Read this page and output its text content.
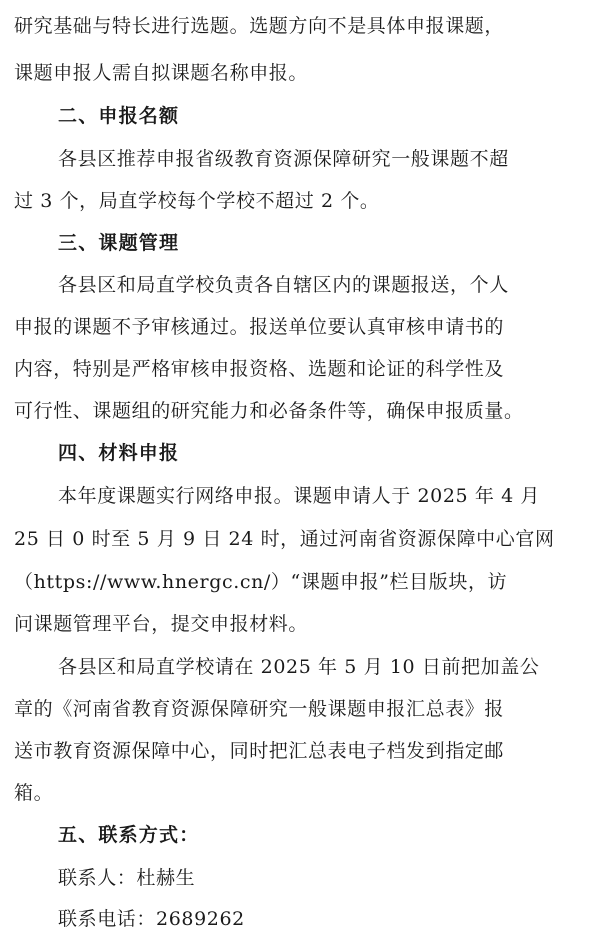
研究基础与特长进行选题。选题方向不是具体申报课题，
课题申报人需自拟课题名称申报。
二、申报名额
各县区推荐申报省级教育资源保障研究一般课题不超
过 3 个，局直学校每个学校不超过 2 个。
三、课题管理
各县区和局直学校负责各自辖区内的课题报送，个人
申报的课题不予审核通过。报送单位要认真审核申请书的
内容，特别是严格审核申报资格、选题和论证的科学性及
可行性、课题组的研究能力和必备条件等，确保申报质量。
四、材料申报
本年度课题实行网络申报。课题申请人于 2025 年 4 月
25 日 0 时至 5 月 9 日 24 时，通过河南省资源保障中心官网
（https://www.hnergc.cn/）“课题申报”栏目版块，访
问课题管理平台，提交申报材料。
各县区和局直学校请在 2025 年 5 月 10 日前把加盖公
章的《河南省教育资源保障研究一般课题申报汇总表》报
送市教育资源保障中心，同时把汇总表电子档发到指定邮
箱。
五、联系方式：
联系人：杜赫生
联系电话：2689262
